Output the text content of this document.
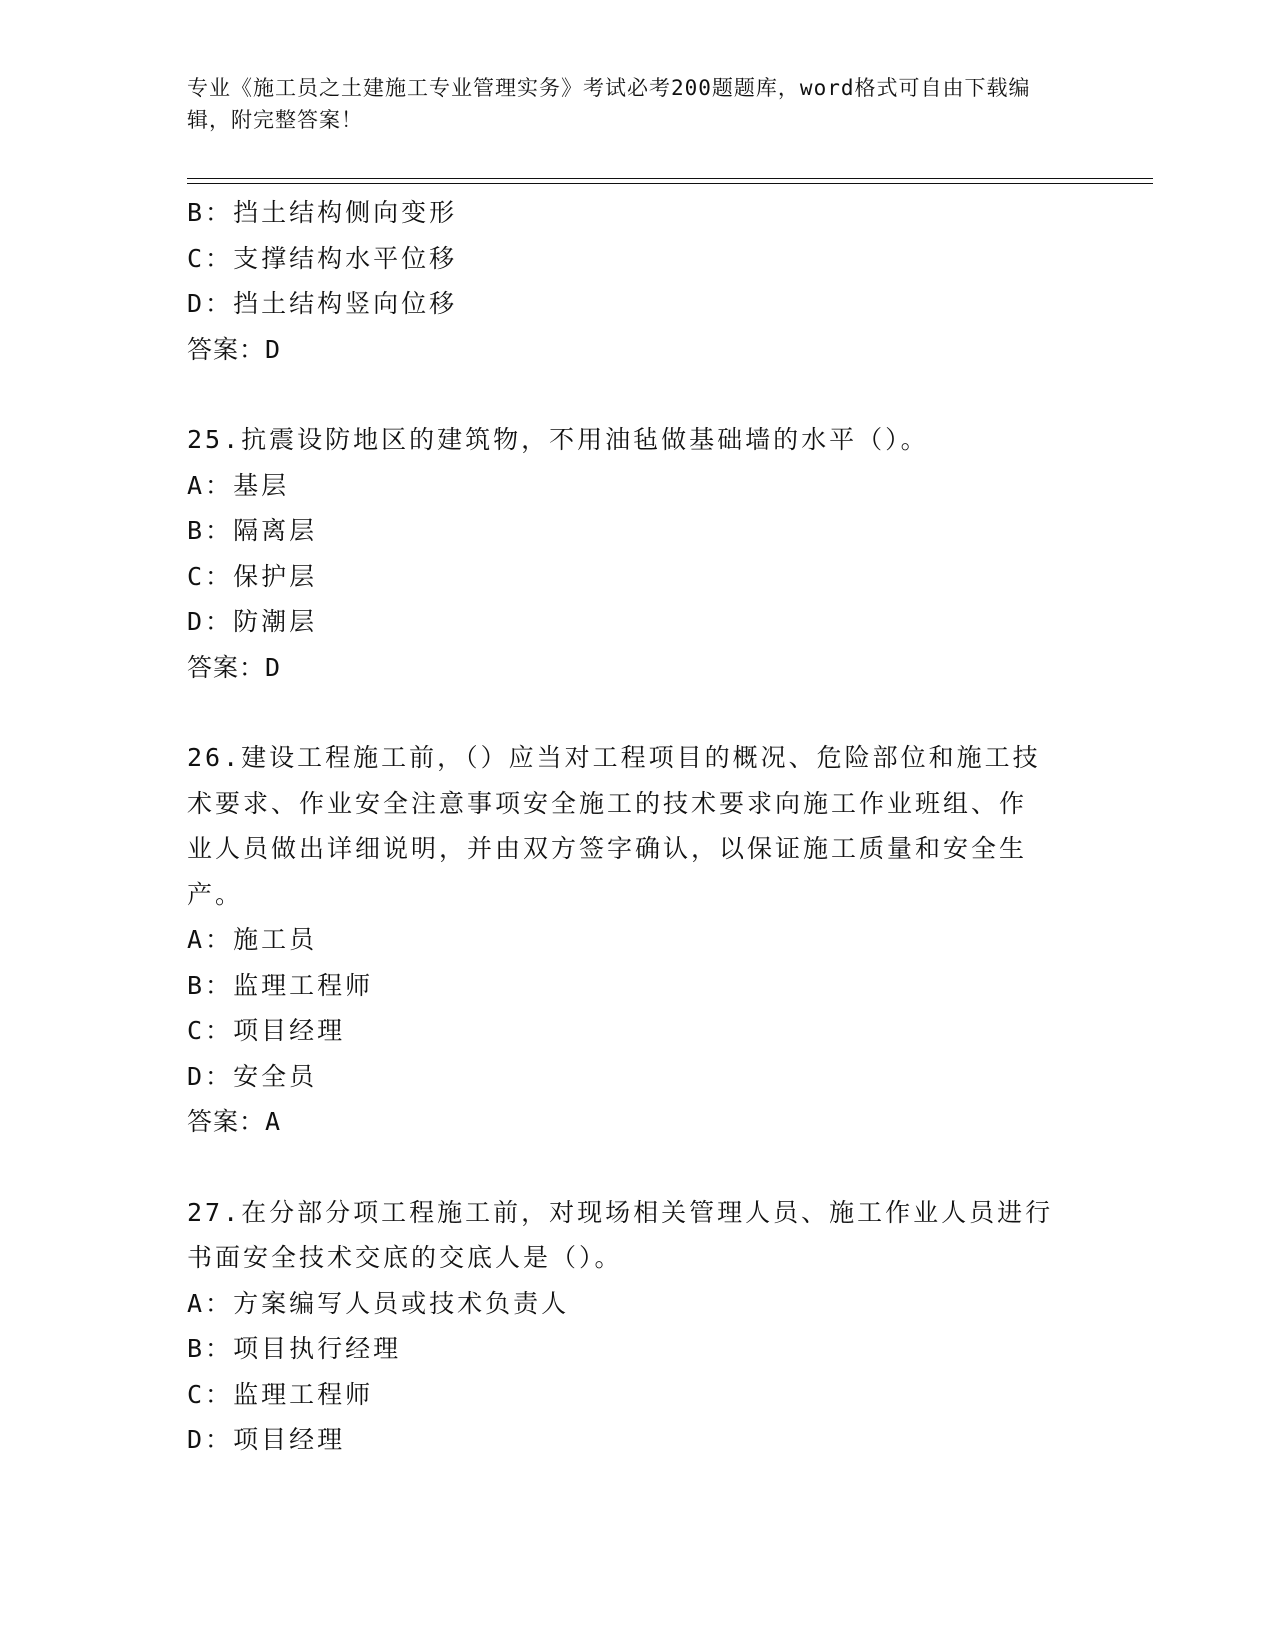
专业《施工员之土建施工专业管理实务》考试必考200题题库，word格式可自由下载编辑，附完整答案！
B：挡土结构侧向变形
C：支撑结构水平位移
D：挡土结构竖向位移
答案：D
25.抗震设防地区的建筑物，不用油毡做基础墙的水平（）。
A：基层
B：隔离层
C：保护层
D：防潮层
答案：D
26.建设工程施工前，（）应当对工程项目的概况、危险部位和施工技
术要求、作业安全注意事项安全施工的技术要求向施工作业班组、作
业人员做出详细说明，并由双方签字确认，以保证施工质量和安全生
产。
A：施工员
B：监理工程师
C：项目经理
D：安全员
答案：A
27.在分部分项工程施工前，对现场相关管理人员、施工作业人员进行
书面安全技术交底的交底人是（）。
A：方案编写人员或技术负责人
B：项目执行经理
C：监理工程师
D：项目经理
